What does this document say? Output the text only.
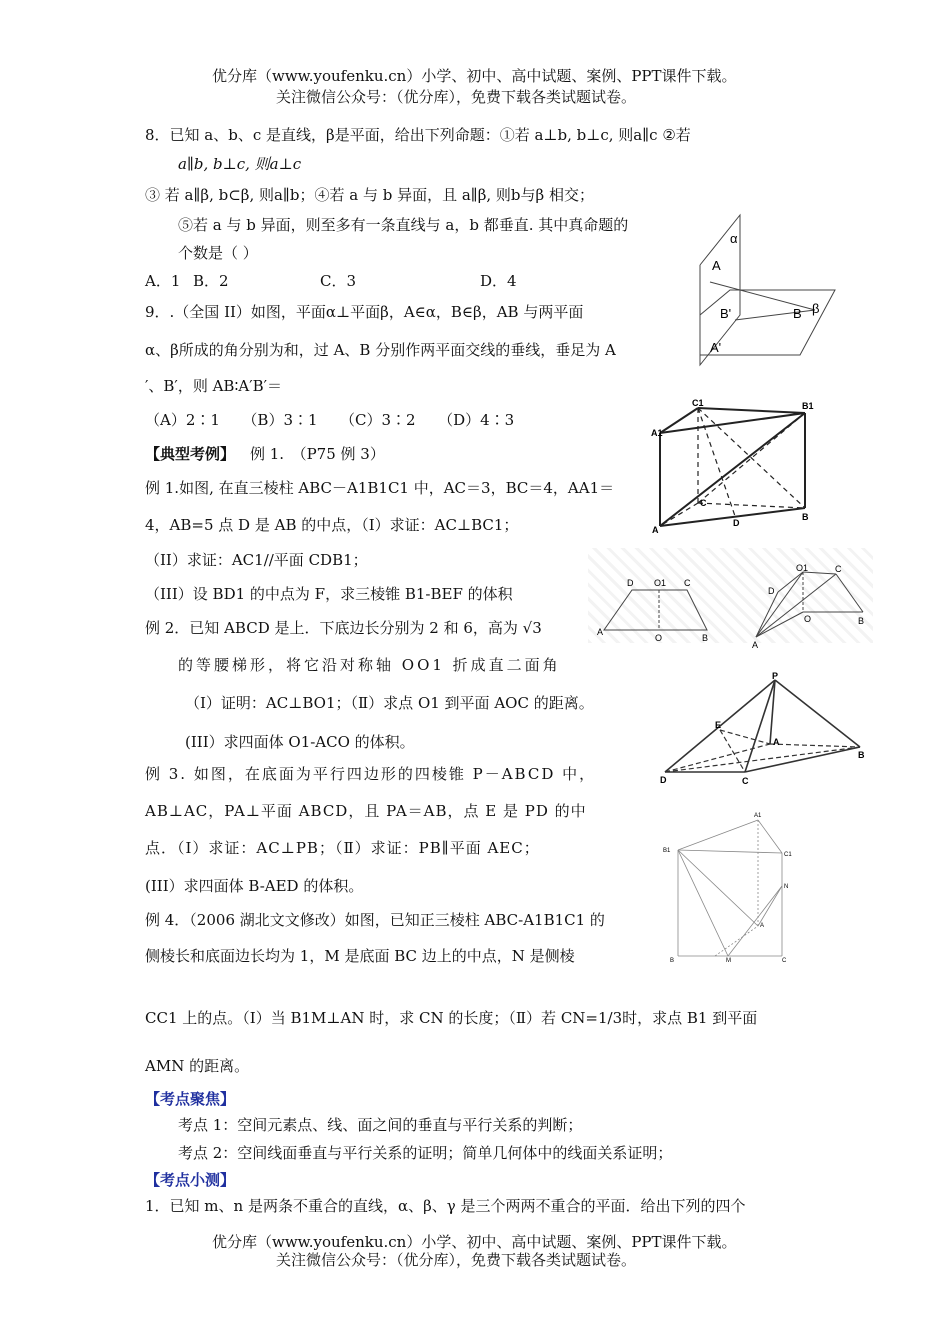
优分库（www.youfenku.cn）小学、初中、高中试题、案例、PPT课件下载。
关注微信公众号：（优分库），免费下载各类试题试卷。
8．已知 a、b、c 是直线，β是平面，给出下列命题：①若 a⊥b, b⊥c, 则a∥c ②若
a∥b, b⊥c, 则a⊥c
③ 若 a∥β, b⊂β, 则a∥b；④若 a 与 b 异面，且 a∥β, 则b与β 相交；
⑤若 a 与 b 异面，则至多有一条直线与 a，b 都垂直. 其中真命题的
个数是（ ）
A．1 B．2	C．3	D．4
9．.（全国 II）如图，平面α⊥平面β，A∈α，B∈β，AB 与两平面
α、β所成的角分别为和，过 A、B 分别作两平面交线的垂线，垂足为 A
′、B′，则 AB∶A′B′＝
（A）2∶1　　（B）3∶1　　（C）3∶2　　（D）4∶3
【典型考例】 例 1.　（P75 例 3）
例 1.如图, 在直三棱柱 ABC－A1B1C1 中，AC＝3，BC＝4，AA1＝
4，AB=5 点 D 是 AB 的中点，（I）求证：AC⊥BC1；
（II）求证：AC1//平面 CDB1；
（III）设 BD1 的中点为 F，求三棱锥 B1-BEF 的体积
例 2．已知 ABCD 是上．下底边长分别为 2 和 6，高为 √3
的等腰梯形，将它沿对称轴 OO1 折成直二面角
（Ⅰ）证明：AC⊥BO1；（Ⅱ）求点 O1 到平面 AOC 的距离。
(III）求四面体 O1-ACO 的体积。
例 3. 如图，在底面为平行四边形的四棱锥 P－ABCD 中，
AB⊥AC，PA⊥平面 ABCD，且 PA＝AB，点 E 是 PD 的中
点．（Ⅰ）求证：AC⊥PB；（Ⅱ）求证：PB∥平面 AEC；
(III）求四面体 B-AED 的体积。
例 4．（2006 湖北文文修改）如图，已知正三棱柱 ABC-A1B1C1 的
侧棱长和底面边长均为 1，M 是底面 BC 边上的中点，N 是侧棱
CC1 上的点。（Ⅰ）当 B1M⊥AN 时，求 CN 的长度；（Ⅱ）若 CN=1/3时，求点 B1 到平面
AMN 的距离。
【考点聚焦】
考点 1：空间元素点、线、面之间的垂直与平行关系的判断；
考点 2：空间线面垂直与平行关系的证明；简单几何体中的线面关系证明；
【考点小测】
1．已知 m、n 是两条不重合的直线，α、β、γ 是三个两两不重合的平面．给出下列的四个
优分库（www.youfenku.cn）小学、初中、高中试题、案例、PPT课件下载。
关注微信公众号：（优分库），免费下载各类试题试卷。
α
A
B'	B β
A'
C1	B1
A1
C
A
D
B
D O1 C
A
O	B
D
O1	C
A
O	B
P
E
D
A
C
B
A1
B1
C1
N
A
B	M	C
